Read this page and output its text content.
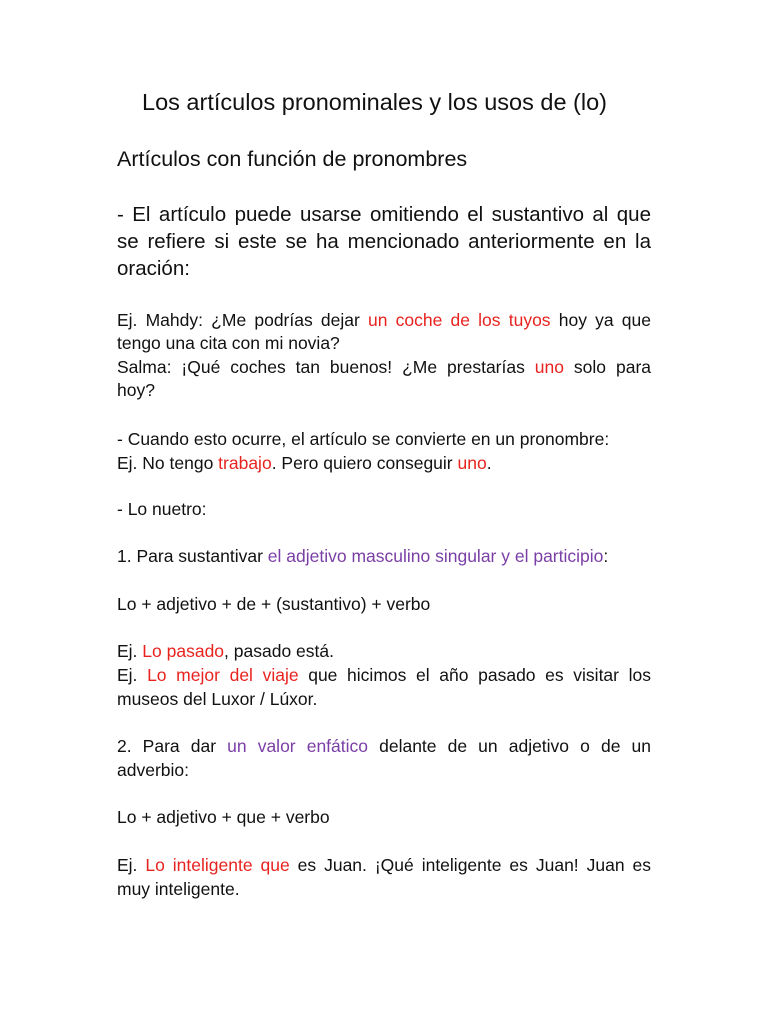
Los artículos pronominales y los usos de (lo)
Artículos con función de pronombres
- El artículo puede usarse omitiendo el sustantivo al que
se refiere si este se ha mencionado anteriormente en la
oración:
Ej. Mahdy: ¿Me podrías dejar un coche de los tuyos hoy ya que
tengo una cita con mi novia?
Salma: ¡Qué coches tan buenos! ¿Me prestarías uno solo para
hoy?
- Cuando esto ocurre, el artículo se convierte en un pronombre:
Ej. No tengo trabajo. Pero quiero conseguir uno.
- Lo nuetro:
1. Para sustantivar el adjetivo masculino singular y el participio:
Lo + adjetivo + de + (sustantivo) + verbo
Ej. Lo pasado, pasado está.
Ej. Lo mejor del viaje que hicimos el año pasado es visitar los
museos del Luxor / Lúxor.
2. Para dar un valor enfático delante de un adjetivo o de un
adverbio:
Lo + adjetivo + que + verbo
Ej. Lo inteligente que es Juan. ¡Qué inteligente es Juan! Juan es
muy inteligente.
